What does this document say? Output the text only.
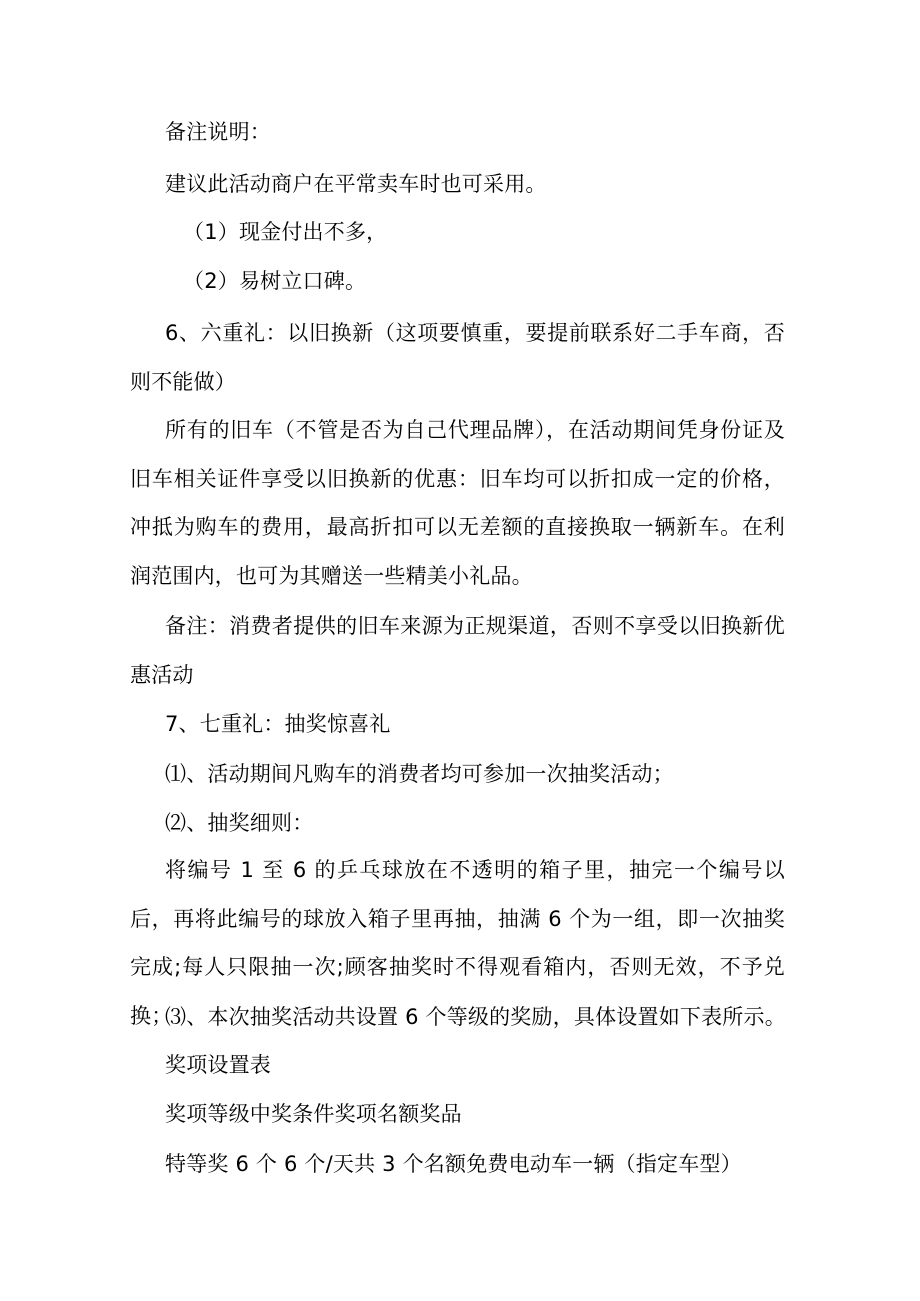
备注说明：
建议此活动商户在平常卖车时也可采用。
（1）现金付出不多，
（2）易树立口碑。
6、六重礼：以旧换新（这项要慎重，要提前联系好二手车商，否则不能做）
所有的旧车（不管是否为自己代理品牌），在活动期间凭身份证及旧车相关证件享受以旧换新的优惠：旧车均可以折扣成一定的价格，冲抵为购车的费用，最高折扣可以无差额的直接换取一辆新车。在利润范围内，也可为其赠送一些精美小礼品。
备注：消费者提供的旧车来源为正规渠道，否则不享受以旧换新优惠活动
7、七重礼：抽奖惊喜礼
⑴、活动期间凡购车的消费者均可参加一次抽奖活动；
⑵、抽奖细则：
将编号 1 至 6 的乒乓球放在不透明的箱子里，抽完一个编号以后，再将此编号的球放入箱子里再抽，抽满 6 个为一组，即一次抽奖完成;每人只限抽一次;顾客抽奖时不得观看箱内，否则无效，不予兑换；
⑶、本次抽奖活动共设置 6 个等级的奖励，具体设置如下表所示。
奖项设置表
奖项等级中奖条件奖项名额奖品
特等奖 6 个 6 个/天共 3 个名额免费电动车一辆（指定车型）
